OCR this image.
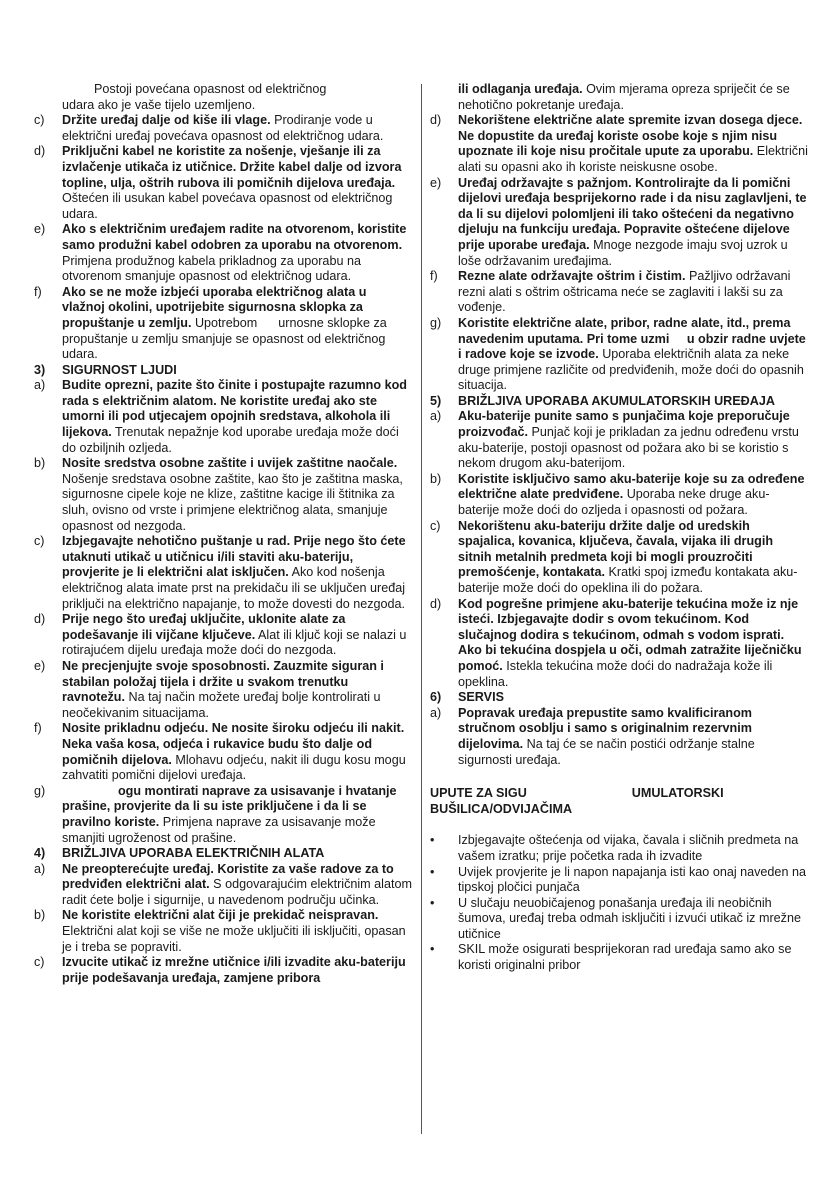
Postoji povećana opasnost od električnog
udara ako je vaše tijelo uzemljeno.
c) Držite uređaj dalje od kiše ili vlage. Prodiranje vode u električni uređaj povećava opasnost od električnog udara.
d) Priključni kabel ne koristite za nošenje, vješanje ili za izvlačenje utikača iz utičnice. Držite kabel dalje od izvora topline, ulja, oštrih rubova ili pomičnih dijelova uređaja. Oštećen ili usukan kabel povećava opasnost od električnog udara.
e) Ako s električnim uređajem radite na otvorenom, koristite samo produžni kabel odobren za uporabu na otvorenom. Primjena produžnog kabela prikladnog za uporabu na otvorenom smanjuje opasnost od električnog udara.
f) Ako se ne može izbjeći uporaba električnog alata u vlažnoj okolini, upotrijebite sigurnosna sklopka za propuštanje u zemlju. Upotrebom      urnosne sklopke za propuštanje u zemlju smanjuje se opasnost od električnog udara.
3) SIGURNOST LJUDI
a) Budite oprezni, pazite što činite i postupajte razumno kod rada s električnim alatom. Ne koristite uređaj ako ste umorni ili pod utjecajem opojnih sredstava, alkohola ili lijekova. Trenutak nepažnje kod uporabe uređaja može doći do ozbiljnih ozljeda.
b) Nosite sredstva osobne zaštite i uvijek zaštitne naočale. Nošenje sredstava osobne zaštite, kao što je zaštitna maska, sigurnosne cipele koje ne klize, zaštitne kacige ili štitnika za sluh, ovisno od vrste i primjene električnog alata, smanjuje opasnost od nezgoda.
c) Izbjegavajte nehotično puštanje u rad. Prije nego što ćete utaknuti utikač u utičnicu i/ili staviti aku-bateriju, provjerite je li električni alat isključen. Ako kod nošenja električnog alata imate prst na prekidaču ili se uključen uređaj priključi na električno napajanje, to može dovesti do nezgoda.
d) Prije nego što uređaj uključite, uklonite alate za podešavanje ili vijčane ključeve. Alat ili ključ koji se nalazi u rotirajućem dijelu uređaja može doći do nezgoda.
e) Ne precjenjujte svoje sposobnosti. Zauzmite siguran i stabilan položaj tijela i držite u svakom trenutku ravnotežu. Na taj način možete uređaj bolje kontrolirati u neočekivanim situacijama.
f) Nosite prikladnu odjeću. Ne nosite široku odjeću ili nakit. Neka vaša kosa, odjeća i rukavice budu što dalje od pomičnih dijelova. Mlohavu odjeću, nakit ili dugu kosu mogu zahvatiti pomični dijelovi uređaja.
g) ogu montirati naprave za usisavanje i hvatanje prašine, provjerite da li su iste priključene i da li se pravilno koriste. Primjena naprave za usisavanje može smanjiti ugroženost od prašine.
4) BRIŽLJIVA UPORABA ELEKTRIČNIH ALATA
a) Ne preopterećujte uređaj. Koristite za vaše radove za to predviđen električni alat. S odgovarajućim električnim alatom radit ćete bolje i sigurnije, u navedenom području učinka.
b) Ne koristite električni alat čiji je prekidač neispravan. Električni alat koji se više ne može uključiti ili isključiti, opasan je i treba se popraviti.
c) Izvucite utikač iz mrežne utičnice i/ili izvadite aku-bateriju prije podešavanja uređaja, zamjene pribora
ili odlaganja uređaja. Ovim mjerama opreza spriječit će se nehotično pokretanje uređaja.
d) Nekorištene električne alate spremite izvan dosega djece. Ne dopustite da uređaj koriste osobe koje s njim nisu upoznate ili koje nisu pročitale upute za uporabu. Električni alati su opasni ako ih koriste neiskusne osobe.
e) Uređaj održavajte s pažnjom. Kontrolirajte da li pomični dijelovi uređaja besprijekorno rade i da nisu zaglavljeni, te da li su dijelovi polomljeni ili tako oštećeni da negativno djeluju na funkciju uređaja. Popravite oštećene dijelove prije uporabe uređaja. Mnoge nezgode imaju svoj uzrok u loše održavanim uređajima.
f) Rezne alate održavajte oštrim i čistim. Pažljivo održavani rezni alati s oštrim oštricama neće se zaglaviti i lakši su za vođenje.
g) Koristite električne alate, pribor, radne alate, itd., prema navedenim uputama. Pri tome uzmi     u obzir radne uvjete i radove koje se izvode. Uporaba električnih alata za neke druge primjene različite od predviđenih, može doći do opasnih situacija.
5) BRIŽLJIVA UPORABA AKUMULATORSKIH UREĐAJA
a) Aku-baterije punite samo s punjačima koje preporučuje proizvođač. Punjač koji je prikladan za jednu određenu vrstu aku-baterije, postoji opasnost od požara ako bi se koristio s nekom drugom aku-baterijom.
b) Koristite isključivo samo aku-baterije koje su za određene električne alate predviđene. Uporaba neke druge aku-baterije može doći do ozljeda i opasnosti od požara.
c) Nekorištenu aku-bateriju držite dalje od uredskih spajalica, kovanica, ključeva, čavala, vijaka ili drugih sitnih metalnih predmeta koji bi mogli prouzročiti premošćenje, kontakata. Kratki spoj između kontakata aku-baterije može doći do opeklina ili do požara.
d) Kod pogrešne primjene aku-baterije tekućina može iz nje isteći. Izbjegavajte dodir s ovom tekućinom. Kod slučajnog dodira s tekućinom, odmah s vodom isprati. Ako bi tekućina dospjela u oči, odmah zatražite liječničku pomoć. Istekla tekućina može doći do nadražaja kože ili opeklina.
6) SERVIS
a) Popravak uređaja prepustite samo kvalificiranom stručnom osoblju i samo s originalnim rezervnim dijelovima. Na taj će se način postići održanje stalne sigurnosti uređaja.
UPUTE ZA SIGU                              UMULATORSKI BUŠILICA/ODVIJAČIMA
• Izbjegavajte oštećenja od vijaka, čavala i sličnih predmeta na vašem izratku; prije početka rada ih izvadite
• Uvijek provjerite je li napon napajanja isti kao onaj naveden na tipskoj pločici punjača
• U slučaju neuobičajenog ponašanja uređaja ili neobičnih šumova, uređaj treba odmah isključiti i izvući utikač iz mrežne utičnice
• SKIL može osigurati besprijekoran rad uređaja samo ako se koristi originalni pribor
